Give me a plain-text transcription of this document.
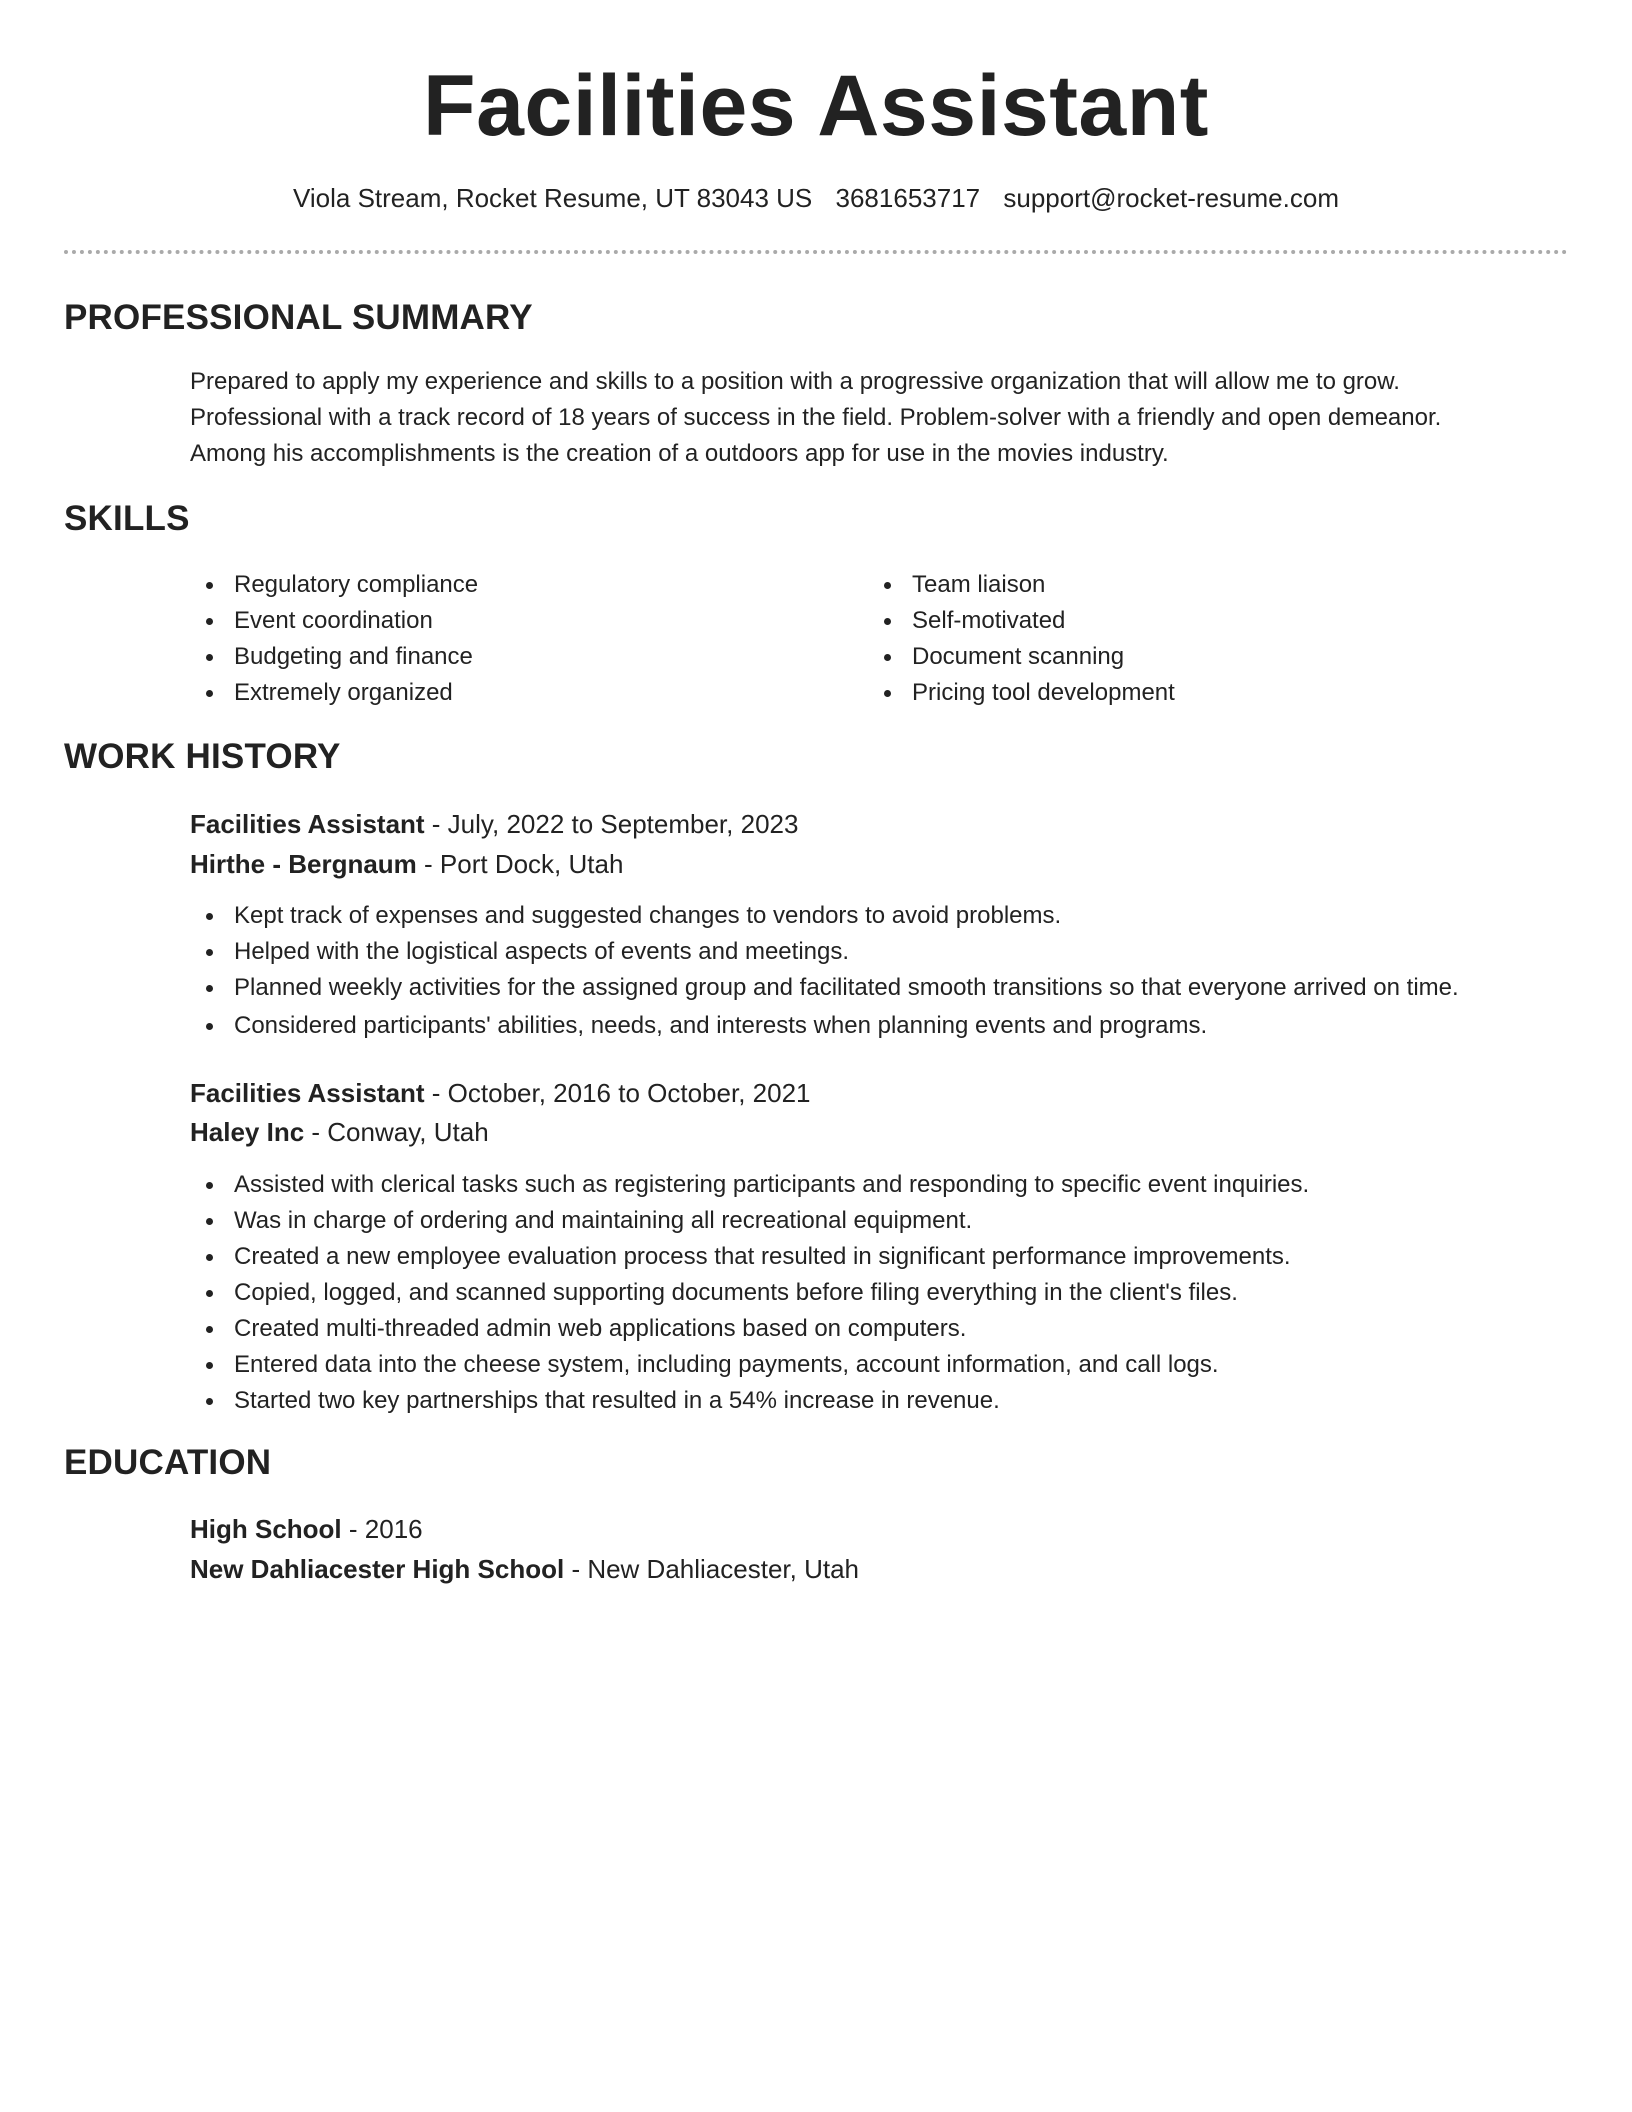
Facilities Assistant
Viola Stream, Rocket Resume, UT 83043 US 3681653717 support@rocket-resume.com
PROFESSIONAL SUMMARY
Prepared to apply my experience and skills to a position with a progressive organization that will allow me to grow.
Professional with a track record of 18 years of success in the field. Problem-solver with a friendly and open demeanor.
Among his accomplishments is the creation of a outdoors app for use in the movies industry.
SKILLS
Regulatory compliance
Event coordination
Budgeting and finance
Extremely organized
Team liaison
Self-motivated
Document scanning
Pricing tool development
WORK HISTORY
Facilities Assistant - July, 2022 to September, 2023
Hirthe - Bergnaum - Port Dock, Utah
Kept track of expenses and suggested changes to vendors to avoid problems.
Helped with the logistical aspects of events and meetings.
Planned weekly activities for the assigned group and facilitated smooth transitions so that everyone arrived on time.
Considered participants' abilities, needs, and interests when planning events and programs.
Facilities Assistant - October, 2016 to October, 2021
Haley Inc - Conway, Utah
Assisted with clerical tasks such as registering participants and responding to specific event inquiries.
Was in charge of ordering and maintaining all recreational equipment.
Created a new employee evaluation process that resulted in significant performance improvements.
Copied, logged, and scanned supporting documents before filing everything in the client's files.
Created multi-threaded admin web applications based on computers.
Entered data into the cheese system, including payments, account information, and call logs.
Started two key partnerships that resulted in a 54% increase in revenue.
EDUCATION
High School - 2016
New Dahliacester High School - New Dahliacester, Utah
